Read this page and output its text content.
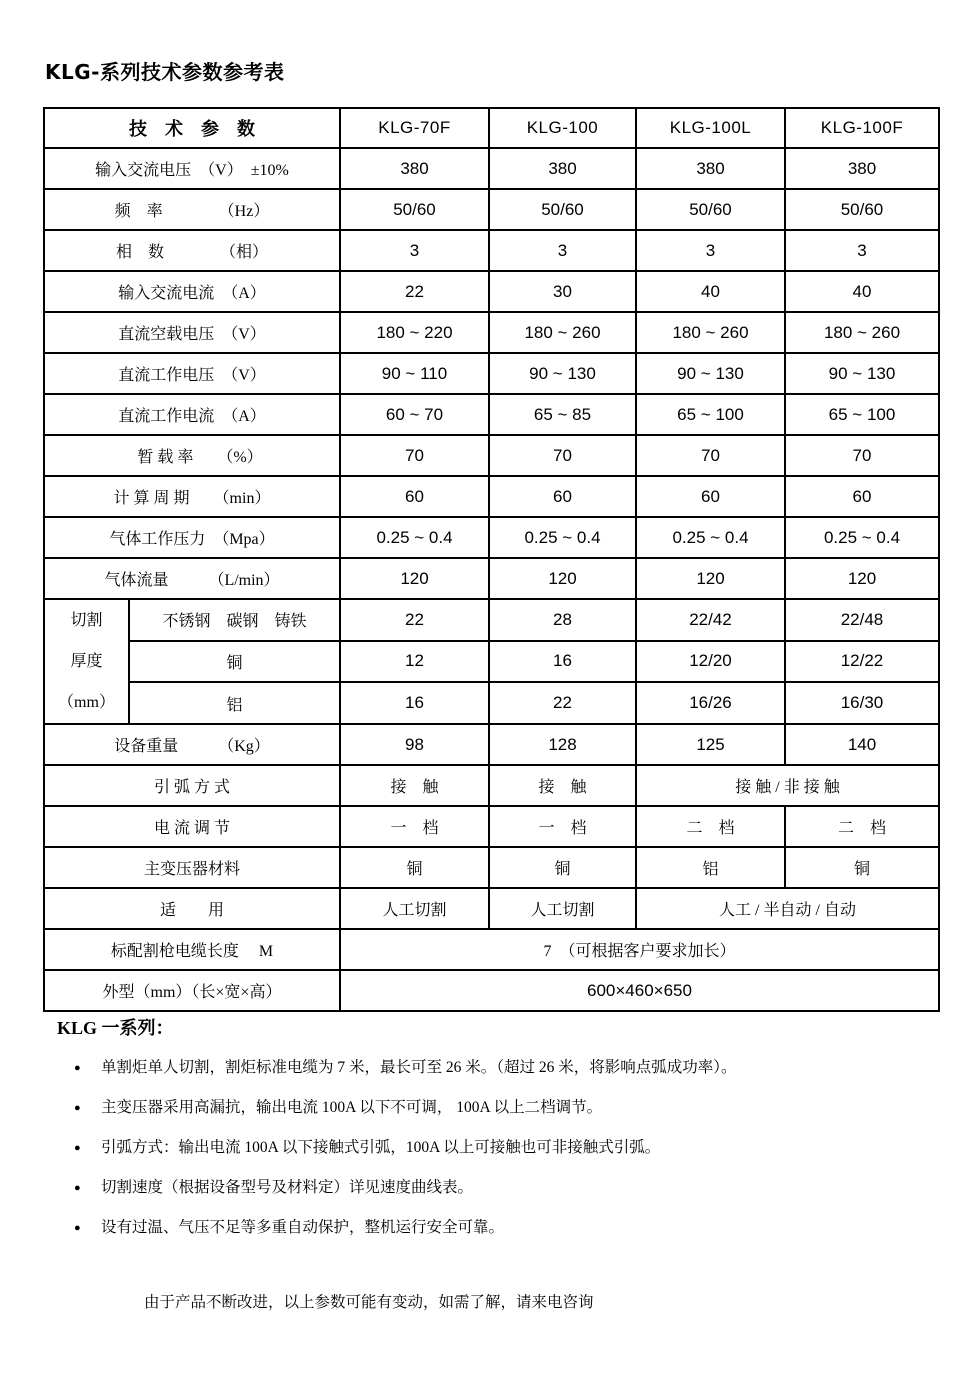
KLG-系列技术参数参考表
技　术　参　数		KLG-70F	KLG-100	KLG-100L	KLG-100F
输入交流电压　（V）　±10%		380	380	380	380
频　率　　　　（Hz）		50/60	50/60	50/60	50/60
相　数　　　　（相）		3	3	3	3
输入交流电流　（A）		22	30	40	40
直流空载电压　（V）		180 ~ 220	180 ~ 260	180 ~ 260	180 ~ 260
直流工作电压　（V）		90 ~ 110	90 ~ 130	90 ~ 130	90 ~ 130
直流工作电流　（A）		60 ~ 70	65 ~ 85	65 ~ 100	65 ~ 100
　暂 载 率　　（%）		70	70	70	70
计 算 周 期　　（min）		60	60	60	60
气体工作压力　（Mpa）		0.25 ~ 0.4	0.25 ~ 0.4	0.25 ~ 0.4	0.25 ~ 0.4
气体流量　　　（L/min）		120	120	120	120

切割
厚度
（mm）	不锈钢　碳钢　铸铁	22	28	22/42	22/48
	铜	12	16	12/20	12/22
	铝	16	22	16/26	16/30
设备重量　　　（Kg）		98	128	125	140
引 弧 方 式		接　触	接　触	接 触 / 非 接 触	
电 流 调 节		一　档	一　档	二　档	二　档
主变压器材料		铜	铜	铝	铜
适　　用		人工切割	人工切割	人工 / 半自动 / 自动	
标配割枪电缆长度　 M		7　（可根据客户要求加长）			
外型（mm）（长×宽×高）		600×460×650			
KLG 一系列：
● 单割炬单人切割，割炬标准电缆为 7 米，最长可至 26 米。（超过 26 米，将影响点弧成功率）。
● 主变压器采用高漏抗，输出电流 100A 以下不可调， 100A 以上二档调节。
● 引弧方式：输出电流 100A 以下接触式引弧，100A 以上可接触也可非接触式引弧。
● 切割速度（根据设备型号及材料定）详见速度曲线表。
● 设有过温、气压不足等多重自动保护，整机运行安全可靠。
由于产品不断改进，以上参数可能有变动，如需了解，请来电咨询
